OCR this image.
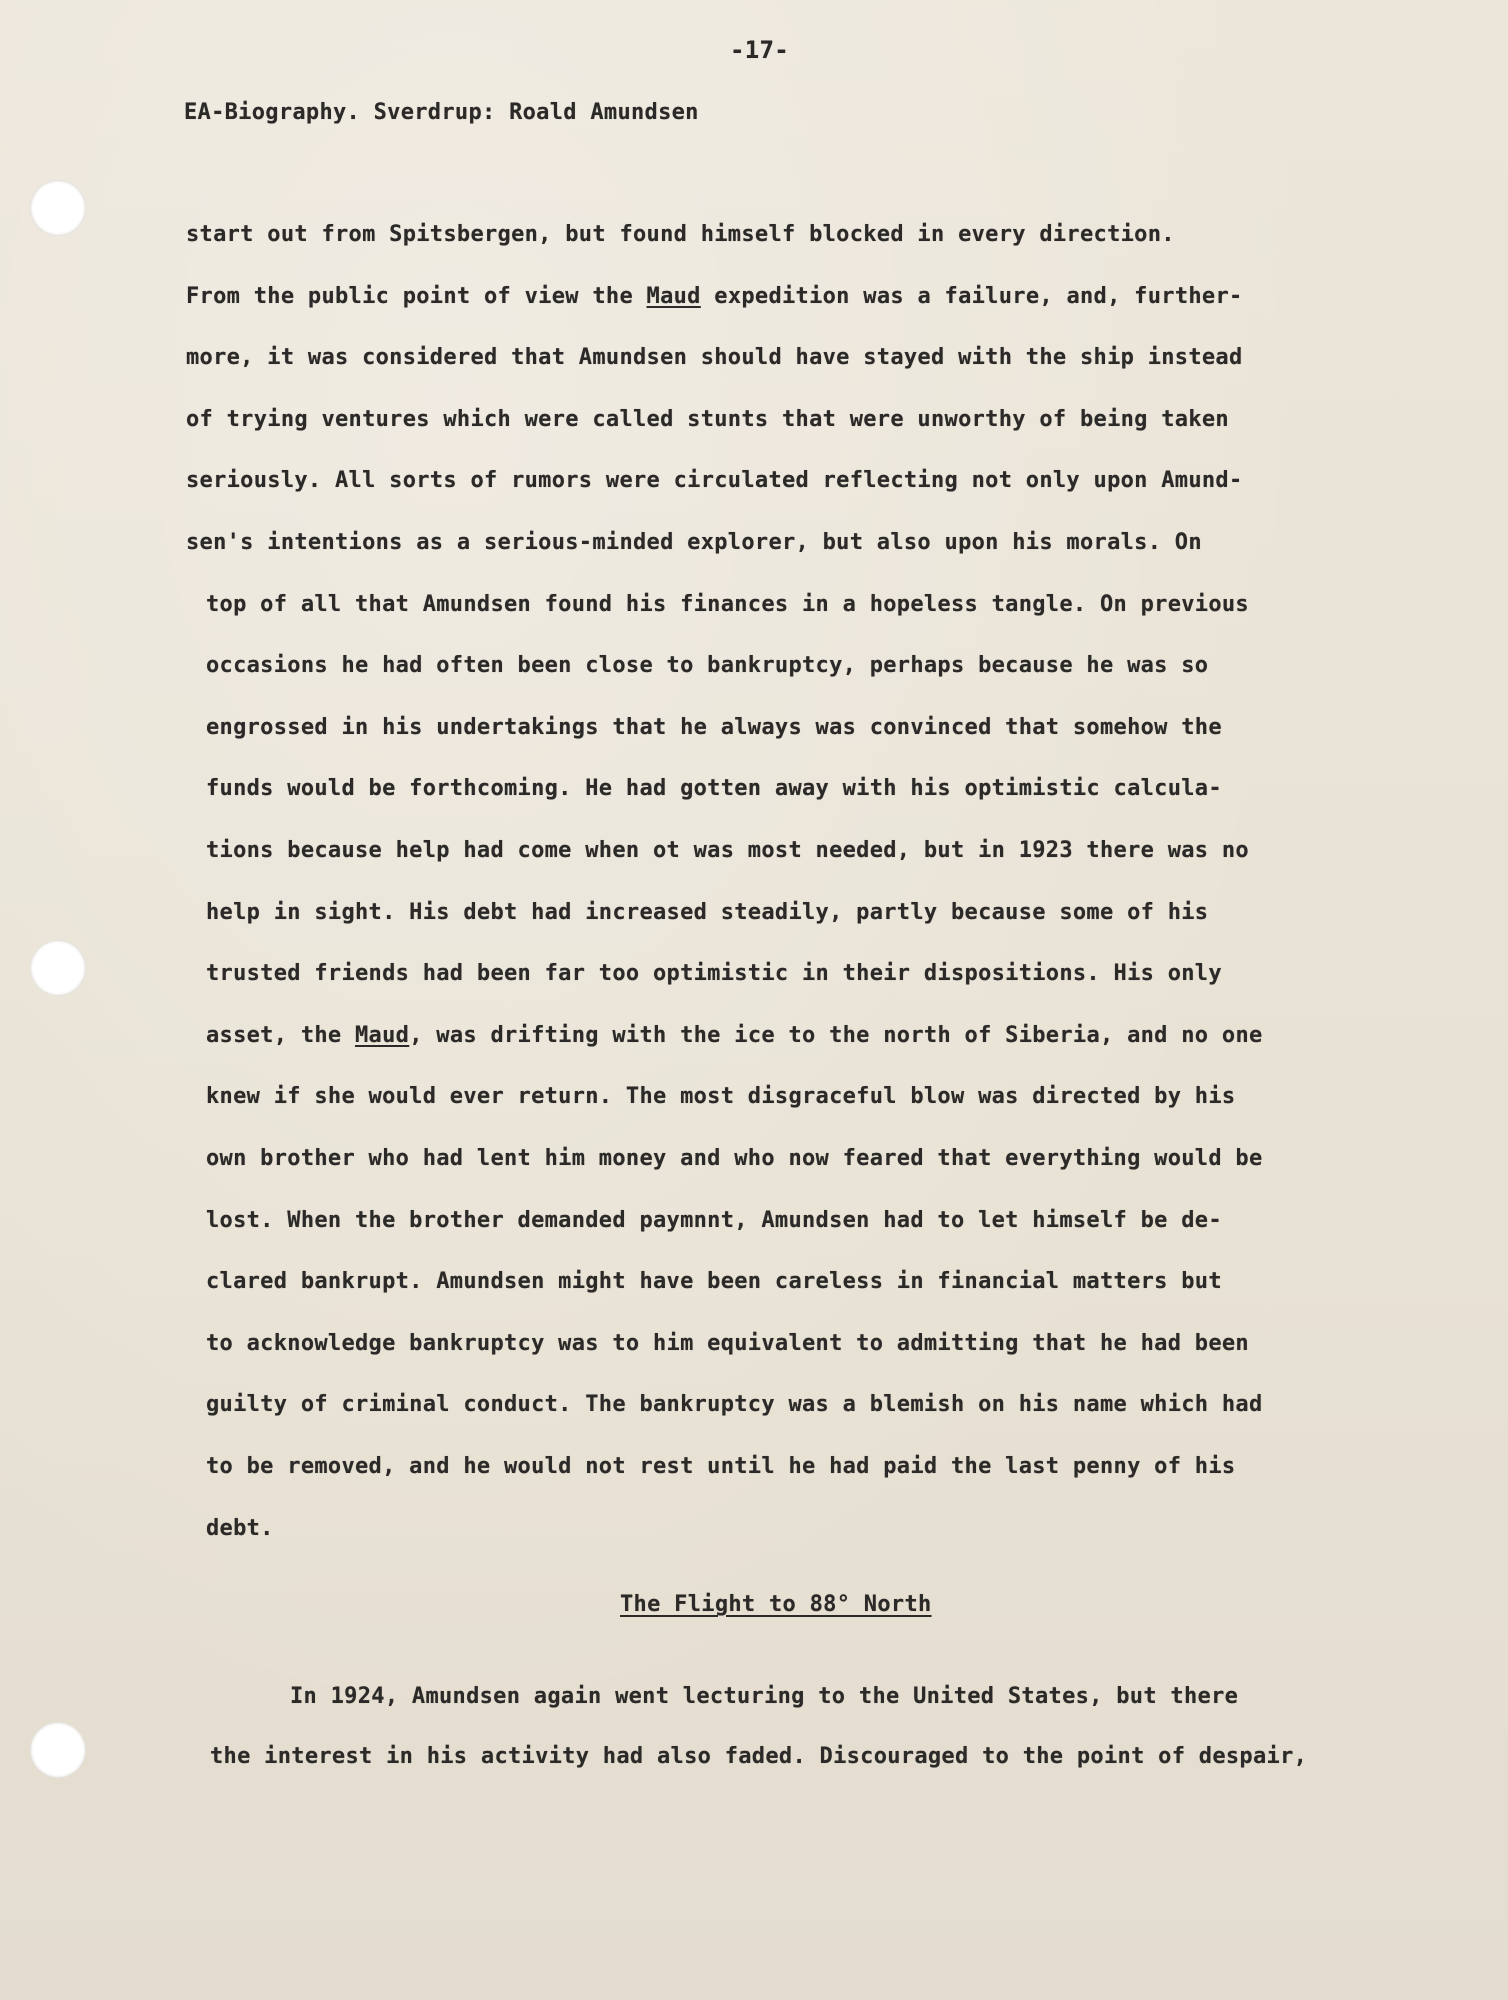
-17-
EA-Biography. Sverdrup: Roald Amundsen
start out from Spitsbergen, but found himself blocked in every direction.
From the public point of view the Maud expedition was a failure, and, further-
more, it was considered that Amundsen should have stayed with the ship instead
of trying ventures which were called stunts that were unworthy of being taken
seriously. All sorts of rumors were circulated reflecting not only upon Amund-
sen's intentions as a serious-minded explorer, but also upon his morals. On
top of all that Amundsen found his finances in a hopeless tangle. On previous
occasions he had often been close to bankruptcy, perhaps because he was so
engrossed in his undertakings that he always was convinced that somehow the
funds would be forthcoming. He had gotten away with his optimistic calcula-
tions because help had come when ot was most needed, but in 1923 there was no
help in sight. His debt had increased steadily, partly because some of his
trusted friends had been far too optimistic in their dispositions. His only
asset, the Maud, was drifting with the ice to the north of Siberia, and no one
knew if she would ever return. The most disgraceful blow was directed by his
own brother who had lent him money and who now feared that everything would be
lost. When the brother demanded paymnnt, Amundsen had to let himself be de-
clared bankrupt. Amundsen might have been careless in financial matters but
to acknowledge bankruptcy was to him equivalent to admitting that he had been
guilty of criminal conduct. The bankruptcy was a blemish on his name which had
to be removed, and he would not rest until he had paid the last penny of his
debt.
The Flight to 88° North
In 1924, Amundsen again went lecturing to the United States, but there
the interest in his activity had also faded. Discouraged to the point of despair,
